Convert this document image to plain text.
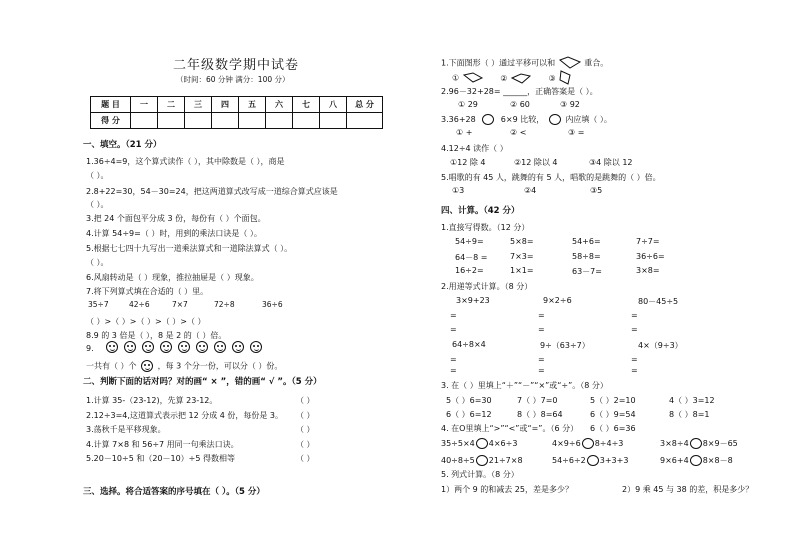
二年级数学期中试卷
（时间：60 分钟 满分：100 分）
题 目	一	二	三	四	五	六	七	八	总 分
得 分									
一、填空。（21 分）
1.36÷4=9，这个算式读作（ ），其中除数是（ ），商是
（ ）。
2.8+22=30，54－30=24，把这两道算式改写成一道综合算式应该是
（ ）。
3.把 24 个面包平分成 3 份，每份有（ ）个面包。
4.计算 54÷9=（ ）时，用到的乘法口诀是（ ）。
5.根据七七四十九写出一道乘法算式和一道除法算式（ ）。
（ ）。
6.风扇转动是（ ）现象，推拉抽屉是（ ）现象。
7.将下列算式填在合适的（ ）里。
35÷7	42÷6	7×7	72÷8	36÷6
（ ）>（ ）>（ ）>（ ）>（ ）
8.9 的 3 倍是（ ），8 是 2 的（ ）倍。
9.
一共有（ ）个	，每 3 个分一份，可以分（ ）份。
二、判断下面的话对吗？对的画“ × ”，错的画“ √ ”。（5 分）
1.计算 35-（23-12)，先算 23-12。
2.12÷3=4,这道算式表示把 12 分成 4 份，每份是 3。
3.荡秋千是平移现象。
4.计算 7×8 和 56÷7 用同一句乘法口诀。
5.20－10÷5 和（20－10）÷5 得数相等
（ ）
（ ）
（ ）
（ ）
（ ）
三、选择。将合适答案的序号填在（ ）。（5 分）
1.下面图形（ ）通过平移可以和	重合。
①	②	③
2.96－32+28= ______，正确答案是（ ）。
① 29	② 60	③ 92
3.36+28	6×9 比较，	内应填（ ）。
① +	② <	③ =
4.12÷4 读作（ ）
①12 除 4	②12 除以 4	③4 除以 12
5.唱歌的有 45 人，跳舞的有 5 人，唱歌的是跳舞的（ ）倍。
①3	②4	③5
四、计算。（42 分）
1.直接写得数。（12 分）
54÷9=	5×8=	54+6=	7÷7=
64－8 =	7×3=	58÷8=	36÷6=
16÷2=	1×1=	63－7=	3×8=
2.用递等式计算。（8 分）
3×9+23	9×2÷6	80－45÷5
=	=	=
=	=	=
64÷8×4	9÷（63÷7）	4×（9÷3）
=	=	=
=	=	=
3. 在（ ）里填上“＋”“－”“×”或“÷”。（8 分）
5（ ）6=30	7（ ）7=0	5（ ）2=10	4（ ）3=12
6（ ）6=12	8（ ）8=64	6（ ）9=54	8（ ）8=1
6（ ）6=36
4. 在O里填上“>”“<”或“=”。（6 分）
35÷5×4 4×6÷3	4×9÷6 8÷4÷3	3×8÷4 8×9－65
40÷8÷5 21÷7×8	54÷6÷2 3+3+3	9×6+4 8×8－8
5. 列式计算。（8 分）
1）两个 9 的和减去 25，差是多少？	2）9 乘 45 与 38 的差，积是多少？
